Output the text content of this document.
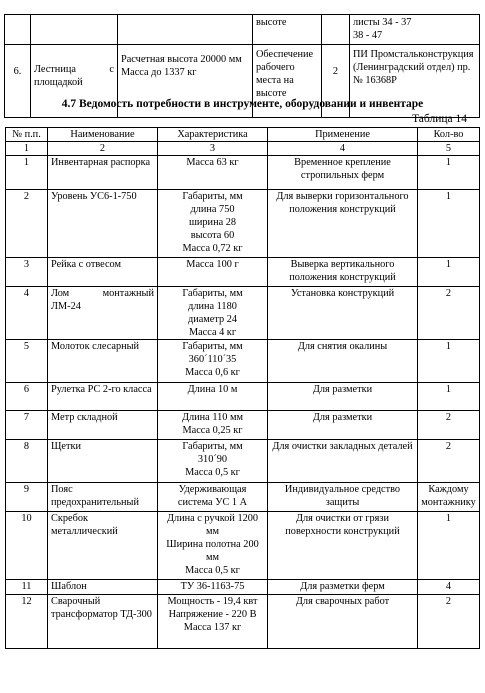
			высоте		листы 34 - 37
38 - 47
6.	Лестница с площадкой	Расчетная высота 20000 мм
Масса до 1337 кг	Обеспечение рабочего места на высоте	2	ПИ Промстальконструкция (Ленинградский отдел) пр. № 16368Р
4.7 Ведомость потребности в инструменте, оборудовании и инвентаре
Таблица 14
№ п.п.	Наименование	Характеристика	Применение	Кол-во
1	2	3	4	5
1	Инвентарная распорка	Масса 63 кг	Временное крепление стропильных ферм	1
2	Уровень УС6-1-750	Габариты, мм
длина 750
ширина 28
высота 60
Масса 0,72 кг	Для выверки горизонтального положения конструкций	1
3	Рейка с отвесом	Масса 100 г	Выверка вертикального положения конструкций	1
4	Лом монтажный ЛМ-24	Габариты, мм
длина 1180
диаметр 24
Масса 4 кг	Установка конструкций	2
5	Молоток слесарный	Габариты, мм
360´110´35
Масса 0,6 кг	Для снятия окалины	1
6	Рулетка РС 2-го класса	Длина 10 м	Для разметки	1
7	Метр складной	Длина 110 мм
Масса 0,25 кг	Для разметки	2
8	Щетки	Габариты, мм
310´90
Масса 0,5 кг	Для очистки закладных деталей	2
9	Пояс предохранительный	Удерживающая система УС 1 А	Индивидуальное средство защиты	Каждому монтажнику
10	Скребок металлический	Длина с ручкой 1200 мм
Ширина полотна 200 мм
Масса 0,5 кг	Для очистки от грязи поверхности конструкций	1
11	Шаблон	ТУ 36-1163-75	Для разметки ферм	4
12	Сварочный трансформатор ТД-300	Мощность - 19,4 квт
Напряжение - 220 В
Масса 137 кг	Для сварочных работ	2
